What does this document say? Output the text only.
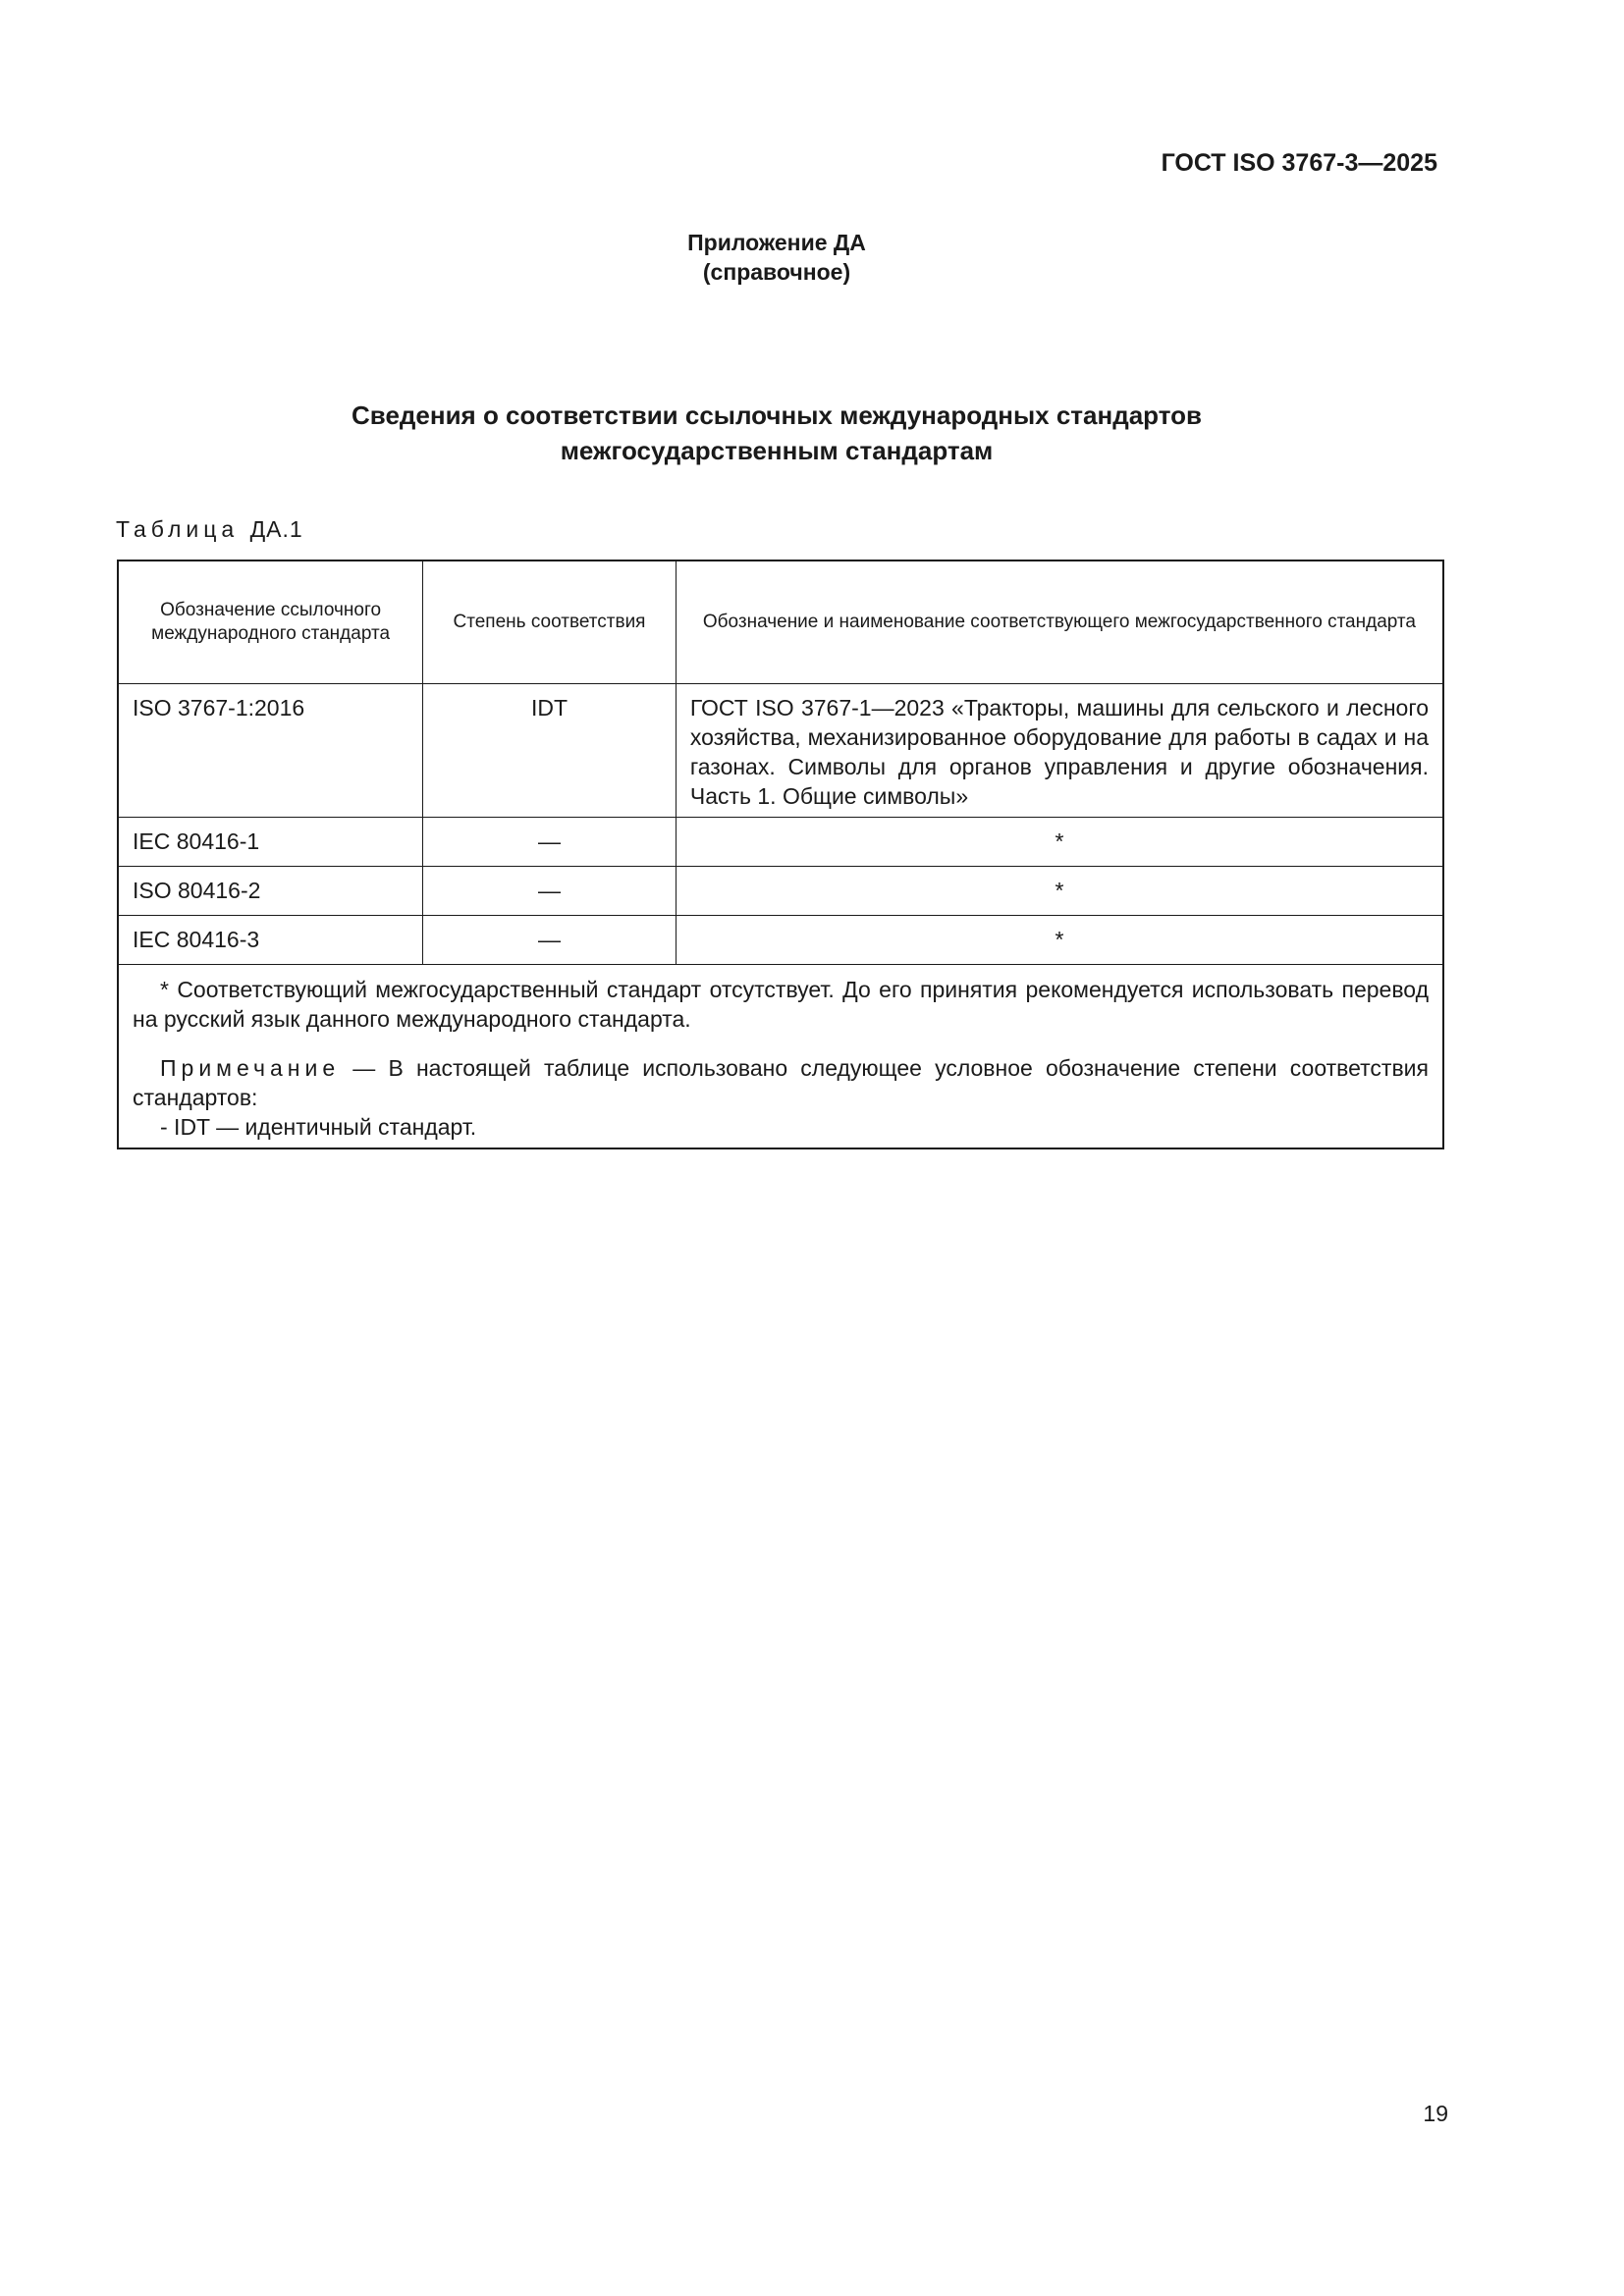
ГОСТ ISO 3767-3—2025
Приложение ДА
(справочное)
Сведения о соответствии ссылочных международных стандартов
межгосударственным стандартам
Таблица ДА.1
Обозначение ссылочного международного стандарта	Степень соответствия	Обозначение и наименование соответствующего межгосударственного стандарта
ISO 3767-1:2016	IDT	ГОСТ ISO 3767-1—2023 «Тракторы, машины для сельского и лесного хозяйства, механизированное оборудование для работы в садах и на газонах. Символы для органов управления и другие обозначения. Часть 1. Общие символы»
IEC 80416-1	—	*
ISO 80416-2	—	*
IEC 80416-3	—	*

* Соответствующий межгосударственный стандарт отсутствует. До его принятия рекомендуется использовать перевод на русский язык данного международного стандарта.

Примечание — В настоящей таблице использовано следующее условное обозначение степени соответствия стандартов:

- IDT — идентичный стандарт.		

19
